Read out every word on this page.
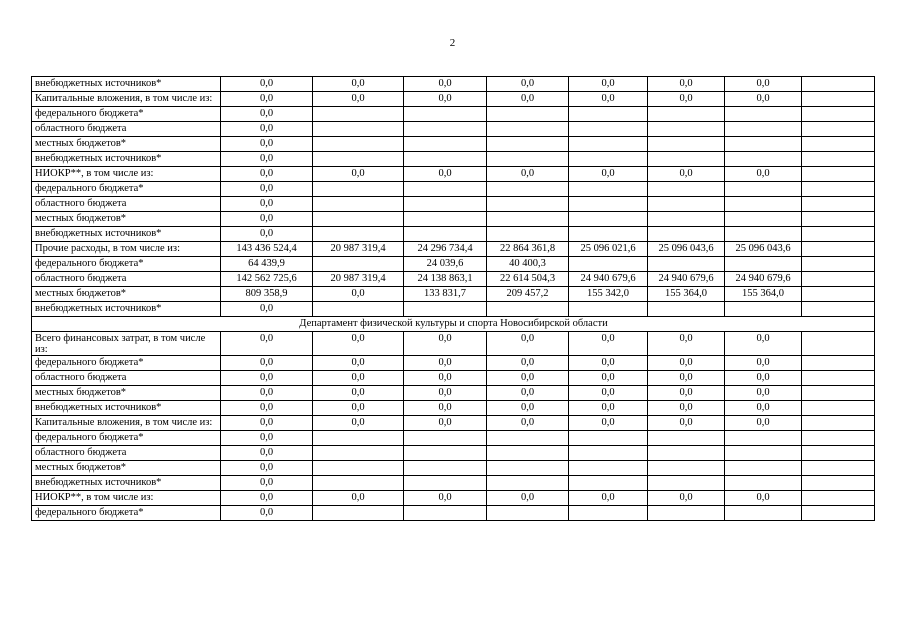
2
внебюджетных источников*	0,0	0,0	0,0	0,0	0,0	0,0	0,0	
Капитальные вложения, в том числе из:	0,0	0,0	0,0	0,0	0,0	0,0	0,0	
федерального бюджета*	0,0							
областного бюджета	0,0							
местных бюджетов*	0,0							
внебюджетных источников*	0,0							
НИОКР**, в том числе из:	0,0	0,0	0,0	0,0	0,0	0,0	0,0	
федерального бюджета*	0,0							
областного бюджета	0,0							
местных бюджетов*	0,0							
внебюджетных источников*	0,0							
Прочие расходы, в том числе из:	143 436 524,4	20 987 319,4	24 296 734,4	22 864 361,8	25 096 021,6	25 096 043,6	25 096 043,6	
федерального бюджета*	64 439,9		24 039,6	40 400,3				
областного бюджета	142 562 725,6	20 987 319,4	24 138 863,1	22 614 504,3	24 940 679,6	24 940 679,6	24 940 679,6	
местных бюджетов*	809 358,9	0,0	133 831,7	209 457,2	155 342,0	155 364,0	155 364,0	
внебюджетных источников*	0,0							
Департамент физической культуры и спорта Новосибирской области								
Всего финансовых затрат, в том числе из:	0,0	0,0	0,0	0,0	0,0	0,0	0,0	
федерального бюджета*	0,0	0,0	0,0	0,0	0,0	0,0	0,0	
областного бюджета	0,0	0,0	0,0	0,0	0,0	0,0	0,0	
местных бюджетов*	0,0	0,0	0,0	0,0	0,0	0,0	0,0	
внебюджетных источников*	0,0	0,0	0,0	0,0	0,0	0,0	0,0	
Капитальные вложения, в том числе из:	0,0	0,0	0,0	0,0	0,0	0,0	0,0	
федерального бюджета*	0,0							
областного бюджета	0,0							
местных бюджетов*	0,0							
внебюджетных источников*	0,0							
НИОКР**, в том числе из:	0,0	0,0	0,0	0,0	0,0	0,0	0,0	
федерального бюджета*	0,0							
